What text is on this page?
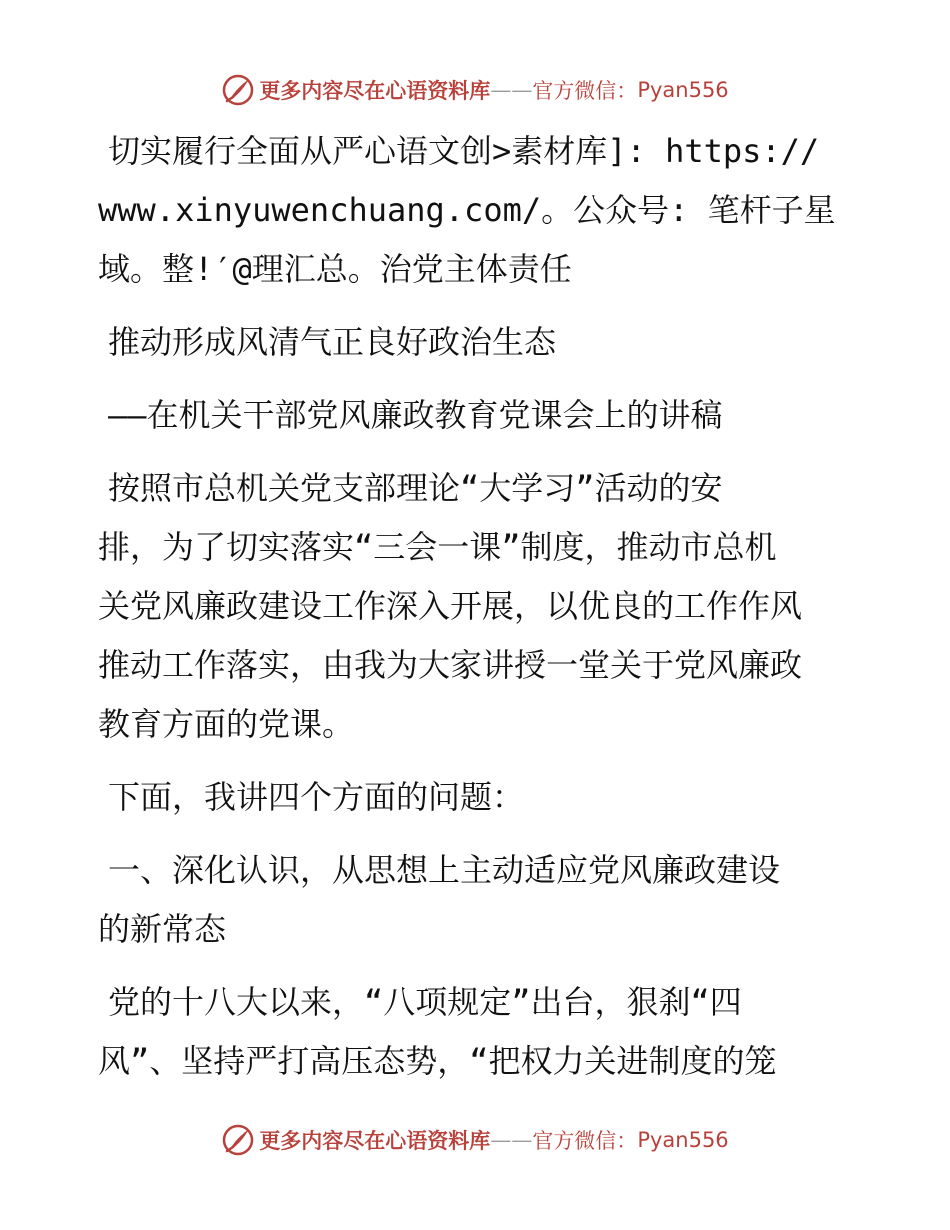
更多内容尽在心语资料库 —— 官方微信： Pyan556
切实履行全面从严心语文创>素材库]: https://
www.xinyuwenchuang.com/。公众号: 笔杆子星
域。整!′@理汇总。治党主体责任
推动形成风清气正良好政治生态
——在机关干部党风廉政教育党课会上的讲稿
按照市总机关党支部理论“大学习”活动的安
排，为了切实落实“三会一课”制度，推动市总机
关党风廉政建设工作深入开展，以优良的工作作风
推动工作落实，由我为大家讲授一堂关于党风廉政
教育方面的党课。
下面，我讲四个方面的问题：
一、深化认识，从思想上主动适应党风廉政建设
的新常态
党的十八大以来，“八项规定”出台，狠刹“四
风”、坚持严打高压态势，“把权力关进制度的笼
更多内容尽在心语资料库 —— 官方微信： Pyan556
